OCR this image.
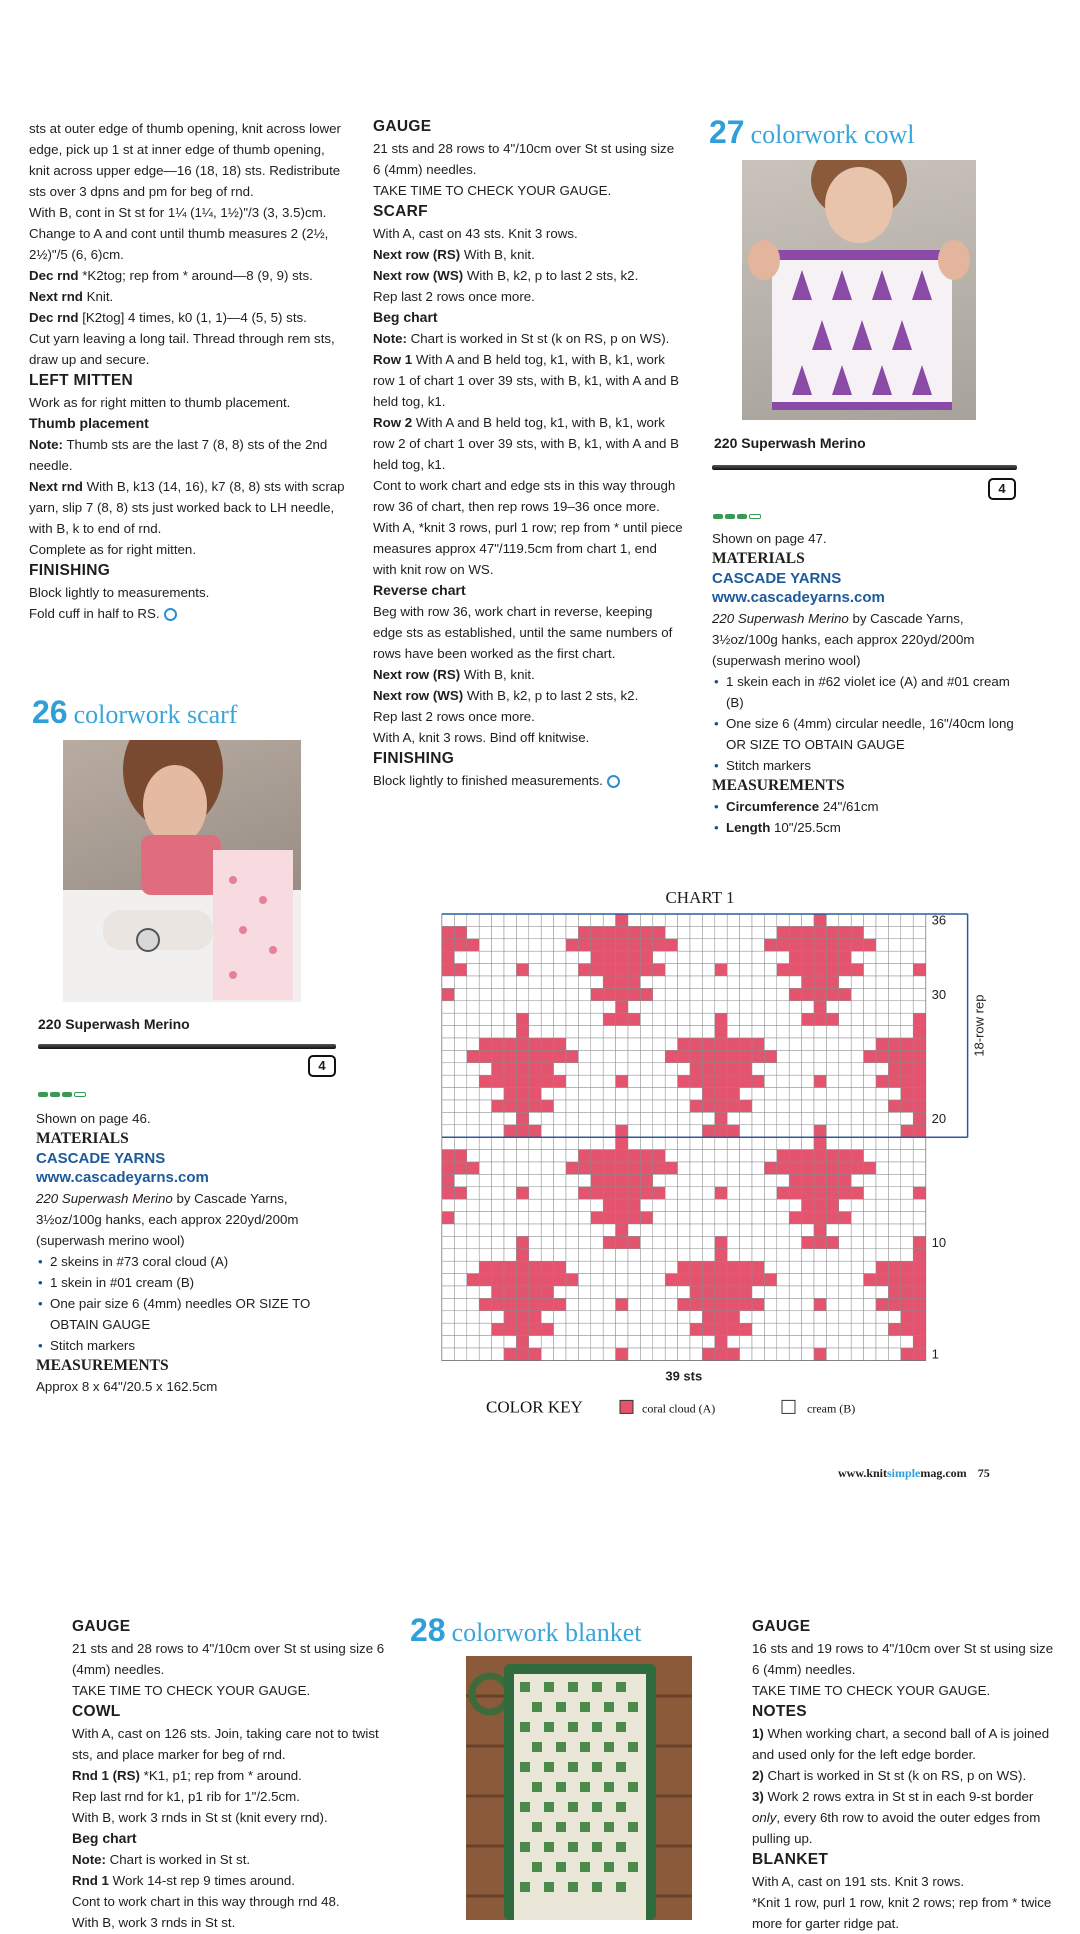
sts at outer edge of thumb opening, knit across lower edge, pick up 1 st at inner edge of thumb opening, knit across upper edge—16 (18, 18) sts. Redistribute sts over 3 dpns and pm for beg of rnd.

With B, cont in St st for 1¼ (1¼, 1½)"/3 (3, 3.5)cm.

Change to A and cont until thumb measures 2 (2½, 2½)"/5 (6, 6)cm.

Dec rnd *K2tog; rep from * around—8 (9, 9) sts.

Next rnd Knit.

Dec rnd [K2tog] 4 times, k0 (1, 1)—4 (5, 5) sts.

Cut yarn leaving a long tail. Thread through rem sts, draw up and secure.

LEFT MITTEN

Work as for right mitten to thumb placement.

Thumb placement

Note: Thumb sts are the last 7 (8, 8) sts of the 2nd needle.

Next rnd With B, k13 (14, 16), k7 (8, 8) sts with scrap yarn, slip 7 (8, 8) sts just worked back to LH needle, with B, k to end of rnd.

Complete as for right mitten.

FINISHING

Block lightly to measurements.

Fold cuff in half to RS.

26 colorwork scarf
220 Superwash Merino
4

Shown on page 46.

MATERIALS

CASCADE YARNS

www.cascadeyarns.com

220 Superwash Merino by Cascade Yarns, 3½oz/100g hanks, each approx 220yd/200m (superwash merino wool)

• 2 skeins in #73 coral cloud (A)
• 1 skein in #01 cream (B)
• One pair size 6 (4mm) needles OR SIZE TO OBTAIN GAUGE
• Stitch markers

MEASUREMENTS

Approx 8 x 64"/20.5 x 162.5cm

GAUGE

21 sts and 28 rows to 4"/10cm over St st using size 6 (4mm) needles.

TAKE TIME TO CHECK YOUR GAUGE.

SCARF

With A, cast on 43 sts. Knit 3 rows.

Next row (RS) With B, knit.

Next row (WS) With B, k2, p to last 2 sts, k2.

Rep last 2 rows once more.

Beg chart

Note: Chart is worked in St st (k on RS, p on WS).

Row 1 With A and B held tog, k1, with B, k1, work row 1 of chart 1 over 39 sts, with B, k1, with A and B held tog, k1.

Row 2 With A and B held tog, k1, with B, k1, work row 2 of chart 1 over 39 sts, with B, k1, with A and B held tog, k1.

Cont to work chart and edge sts in this way through row 36 of chart, then rep rows 19–36 once more.

With A, *knit 3 rows, purl 1 row; rep from * until piece measures approx 47"/119.5cm from chart 1, end with knit row on WS.

Reverse chart

Beg with row 36, work chart in reverse, keeping edge sts as established, until the same numbers of rows have been worked as the first chart.

Next row (RS) With B, knit.

Next row (WS) With B, k2, p to last 2 sts, k2.

Rep last 2 rows once more.

With A, knit 3 rows. Bind off knitwise.

FINISHING

Block lightly to finished measurements.

27 colorwork cowl
220 Superwash Merino
4

Shown on page 47.

MATERIALS

CASCADE YARNS

www.cascadeyarns.com

220 Superwash Merino by Cascade Yarns, 3½oz/100g hanks, each approx 220yd/200m (superwash merino wool)

• 1 skein each in #62 violet ice (A) and #01 cream (B)
• One size 6 (4mm) circular needle, 16"/40cm long OR SIZE TO OBTAIN GAUGE
• Stitch markers

MEASUREMENTS

• Circumference 24"/61cm
• Length 10"/25.5cm
CHART 1
1
10
20
30
36
18-row rep
39 sts
COLOR KEY	coral cloud (A)	cream (B)
www.knitsimplemag.com 75

GAUGE

21 sts and 28 rows to 4"/10cm over St st using size 6 (4mm) needles.

TAKE TIME TO CHECK YOUR GAUGE.

COWL

With A, cast on 126 sts. Join, taking care not to twist sts, and place marker for beg of rnd.

Rnd 1 (RS) *K1, p1; rep from * around.

Rep last rnd for k1, p1 rib for 1"/2.5cm.

With B, work 3 rnds in St st (knit every rnd).

Beg chart

Note: Chart is worked in St st.

Rnd 1 Work 14-st rep 9 times around.

Cont to work chart in this way through rnd 48.

With B, work 3 rnds in St st.

28 colorwork blanket	GAUGE

16 sts and 19 rows to 4"/10cm over St st using size 6 (4mm) needles.

TAKE TIME TO CHECK YOUR GAUGE.

NOTES

1) When working chart, a second ball of A is joined and used only for the left edge border.

2) Chart is worked in St st (k on RS, p on WS).

3) Work 2 rows extra in St st in each 9-st border only, every 6th row to avoid the outer edges from pulling up.

BLANKET

With A, cast on 191 sts. Knit 3 rows.

*Knit 1 row, purl 1 row, knit 2 rows; rep from * twice more for garter ridge pat.
